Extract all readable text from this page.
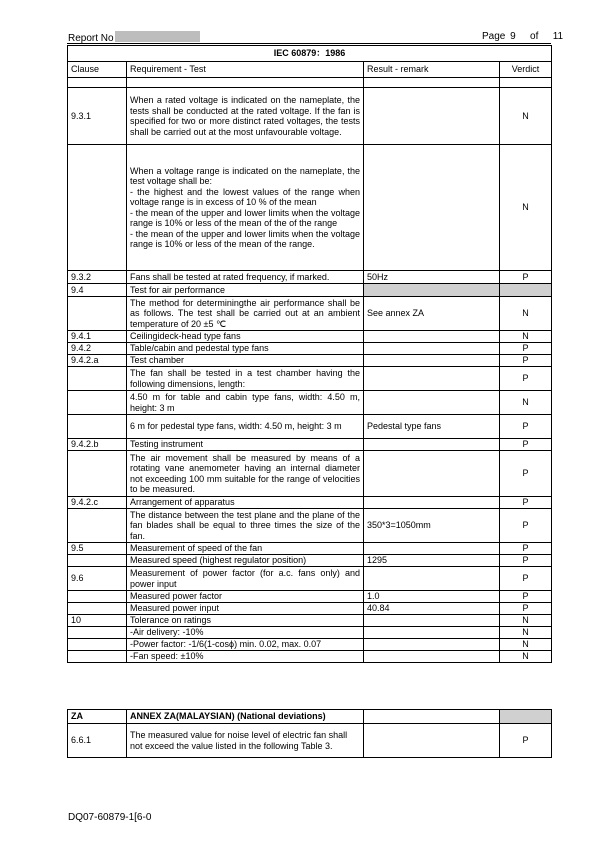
Report No	Page 9 of 11
IEC 60879：1986			
Clause	Requirement - Test	Result - remark	Verdict

9.3.1	When a rated voltage is indicated on the nameplate, the tests shall be conducted at the rated voltage. If the fan is specified for two or more distinct rated voltages, the tests shall be carried out at the most unfavourable voltage.		N

	When a voltage range is indicated on the nameplate, the test voltage shall be:
- the highest and the lowest values of the range when voltage range is in excess of 10 % of the mean
- the mean of the upper and lower limits when the voltage range is 10% or less of the mean of the of the range
- the mean of the upper and lower limits when the voltage range is 10% or less of the mean of the range.		N
9.3.2	Fans shall be tested at rated frequency, if marked.	50Hz	P
9.4	Test for air performance		
	The method for determiningthe air performance shall be as follows. The test shall be carried out at an ambient temperature of 20 ±5 ℃	See annex ZA	N
9.4.1	Ceilingideck-head type fans		N
9.4.2	Table/cabin and pedestal type fans		P
9.4.2.a	Test chamber		P
	The fan shall be tested in a test chamber having the following dimensions, length:		P
	4.50 m for table and cabin type fans, width: 4.50 m, height: 3 m		N
	6 m for pedestal type fans, width: 4.50 m, height: 3 m	Pedestal type fans	P
9.4.2.b	Testing instrument		P
	The air movement shall be measured by means of a rotating vane anemometer having an internal diameter not exceeding 100 mm suitable for the range of velocities to be measured.		P
9.4.2.c	Arrangement of apparatus		P
	The distance between the test plane and the plane of the fan blades shall be equal to three times the size of the fan.	350*3=1050mm	P
9.5	Measurement of speed of the fan		P
	Measured speed (highest regulator position)	1295	P
9.6	Measurement of power factor (for a.c. fans only) and power input		P
	Measured power factor	1.0	P
	Measured power input	40.84	P
10	Tolerance on ratings		N
	-Air delivery: -10%		N
	-Power factor: -1/6(1-cosϕ) min. 0.02, max. 0.07		N
	-Fan speed: ±10%		N
ZA	ANNEX ZA(MALAYSIAN) (National deviations)		
6.6.1	The measured value for noise level of electric fan shall not exceed the value listed in the following Table 3.		P
DQ07-60879-1[6-0
